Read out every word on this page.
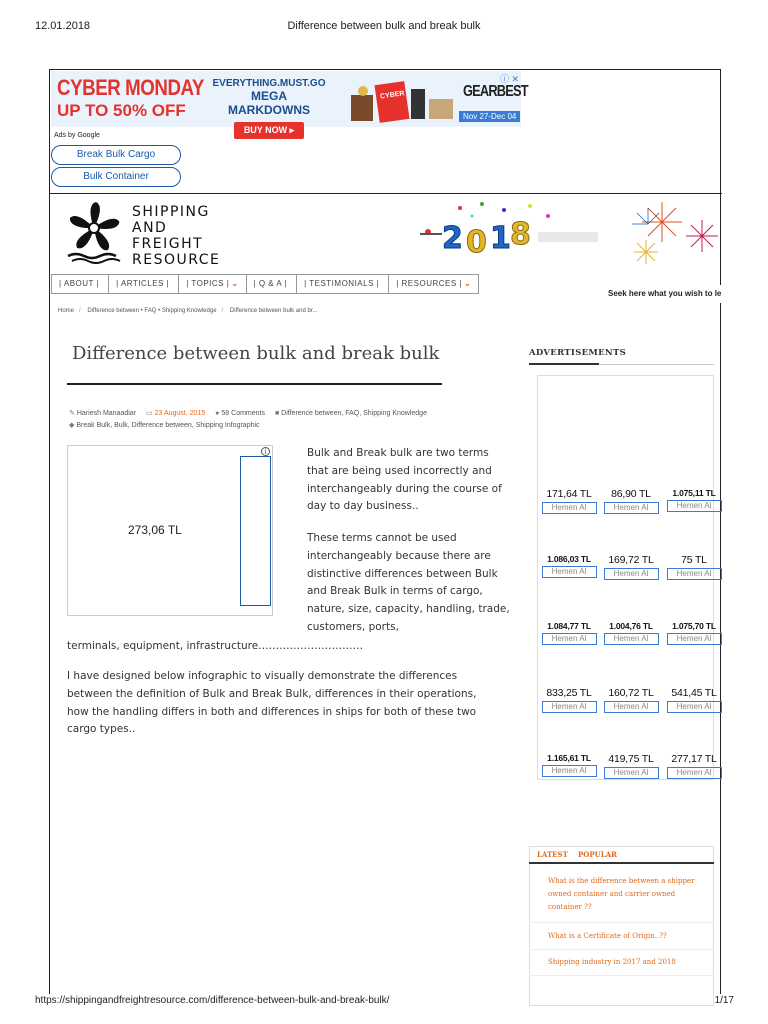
12.01.2018	Difference between bulk and break bulk
CYBER MONDAY
UP TO 50% OFF
EVERYTHING.MUST.GO
MEGA MARKDOWNS
BUY NOW ▸
CYBER	GEARBEST
Nov 27-Dec 04
ⓘ ✕
Ads by Google
Break Bulk Cargo
Bulk Container
SHIPPING
AND
FREIGHT
RESOURCE
2 0 1 8
| ABOUT |	| ARTICLES |	| TOPICS | ⌄	| Q & A |	| TESTIMONIALS |	| RESOURCES | ⌄
Seek here what you wish to le
Home / Difference between • FAQ • Shipping Knowledge / Difference between bulk and br...
Difference between bulk and break bulk
✎ Hariesh Manaadiar ▭ 23 August, 2015 ● 58 Comments ■ Difference between, FAQ, Shipping Knowledge
◆ Break Bulk, Bulk, Difference between, Shipping Infographic
i
273,06 TL
Bulk and Break bulk are two terms that are being used incorrectly and interchangeably during the course of day to day business..
These terms cannot be used interchangeably because there are distinctive differences between Bulk and Break Bulk in terms of cargo, nature, size, capacity, handling, trade, customers, ports,
terminals, equipment, infrastructure…………………………
I have designed below infographic to visually demonstrate the differences between the definition of Bulk and Break Bulk, differences in their operations, how the handling differs in both and differences in ships for both of these two cargo types..
ADVERTISEMENTS
171,64 TL
Hemen Al
86,90 TL
Hemen Al
1.075,11 TL
Hemen Al
1.086,03 TL
Hemen Al
169,72 TL
Hemen Al
75 TL
Hemen Al
1.084,77 TL
Hemen Al
1.004,76 TL
Hemen Al
1.075,70 TL
Hemen Al
833,25 TL
Hemen Al
160,72 TL
Hemen Al
541,45 TL
Hemen Al
1.165,61 TL
Hemen Al
419,75 TL
Hemen Al
277,17 TL
Hemen Al
LATEST POPULAR
What is the difference between a shipper owned container and carrier owned container ??
What is a Certificate of Origin..??
Shipping industry in 2017 and 2018
https://shippingandfreightresource.com/difference-between-bulk-and-break-bulk/	1/17
